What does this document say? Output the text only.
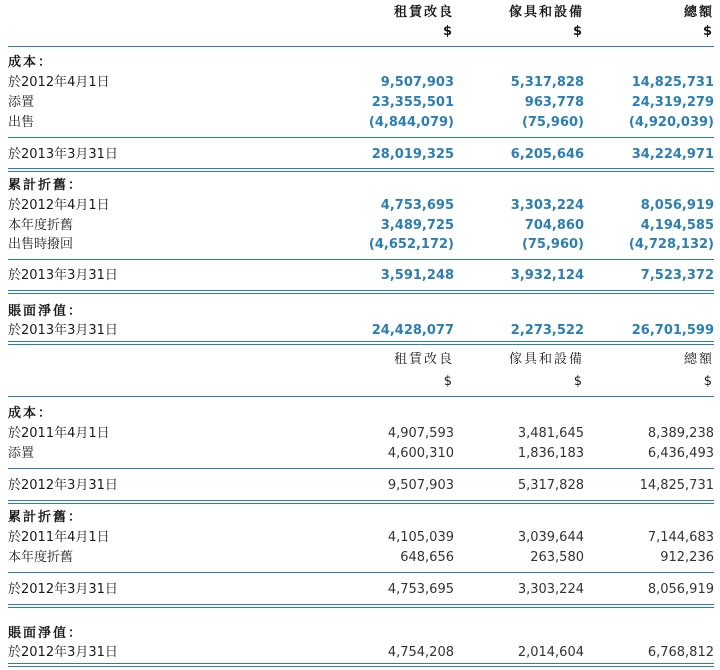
租賃改良	傢具和設備	總額
$	$	$
成本：
於2012年4月1日	9,507,903	5,317,828	14,825,731
添置	23,355,501	963,778	24,319,279
出售	(4,844,079)	(75,960)	(4,920,039)
於2013年3月31日	28,019,325	6,205,646	34,224,971
累計折舊：
於2012年4月1日	4,753,695	3,303,224	8,056,919
本年度折舊	3,489,725	704,860	4,194,585
出售時撥回	(4,652,172)	(75,960)	(4,728,132)
於2013年3月31日	3,591,248	3,932,124	7,523,372
賬面淨值：
於2013年3月31日	24,428,077	2,273,522	26,701,599
租賃改良	傢具和設備	總額
$	$	$
成本：
於2011年4月1日	4,907,593	3,481,645	8,389,238
添置	4,600,310	1,836,183	6,436,493
於2012年3月31日	9,507,903	5,317,828	14,825,731
累計折舊：
於2011年4月1日	4,105,039	3,039,644	7,144,683
本年度折舊	648,656	263,580	912,236
於2012年3月31日	4,753,695	3,303,224	8,056,919
賬面淨值：
於2012年3月31日	4,754,208	2,014,604	6,768,812
